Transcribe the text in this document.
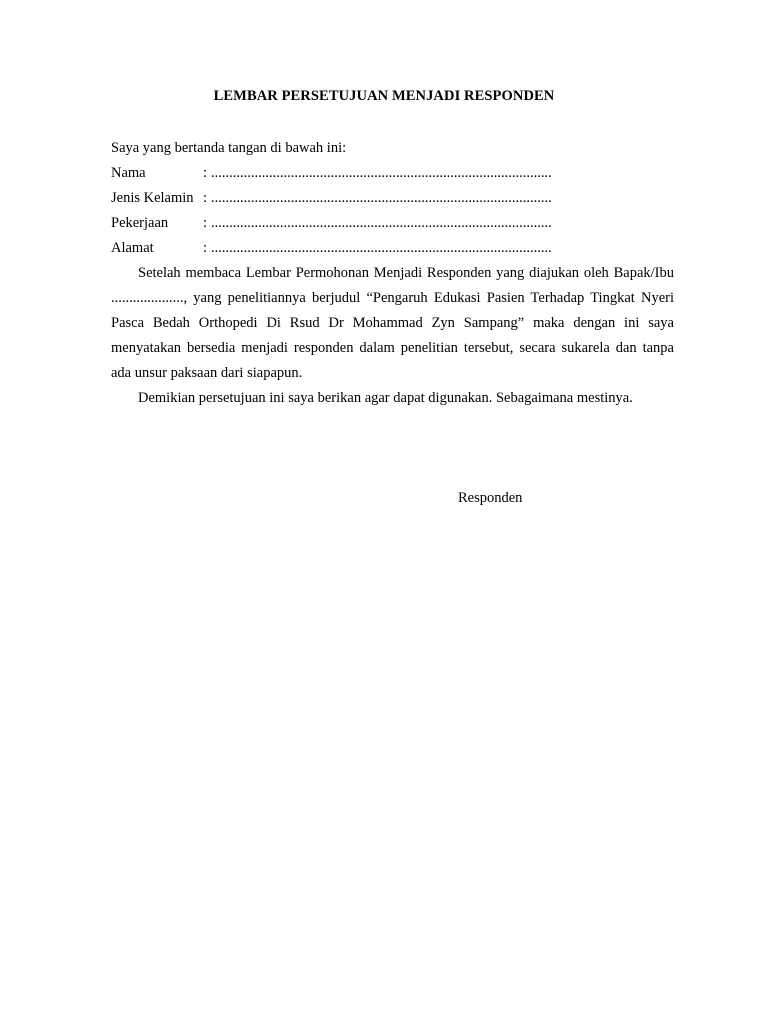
LEMBAR PERSETUJUAN MENJADI RESPONDEN

Saya yang bertanda tangan di bawah ini:

Nama	: ..............................................................................................
Jenis Kelamin : ..............................................................................................
Pekerjaan	: ..............................................................................................
Alamat	: ..............................................................................................

Setelah membaca Lembar Permohonan Menjadi Responden yang diajukan oleh Bapak/Ibu ...................., yang penelitiannya berjudul “Pengaruh Edukasi Pasien Terhadap Tingkat Nyeri Pasca Bedah Orthopedi Di Rsud Dr Mohammad Zyn Sampang” maka dengan ini saya menyatakan bersedia menjadi responden dalam penelitian tersebut, secara sukarela dan tanpa ada unsur paksaan dari siapapun.

Demikian persetujuan ini saya berikan agar dapat digunakan. Sebagaimana mestinya.

Responden
